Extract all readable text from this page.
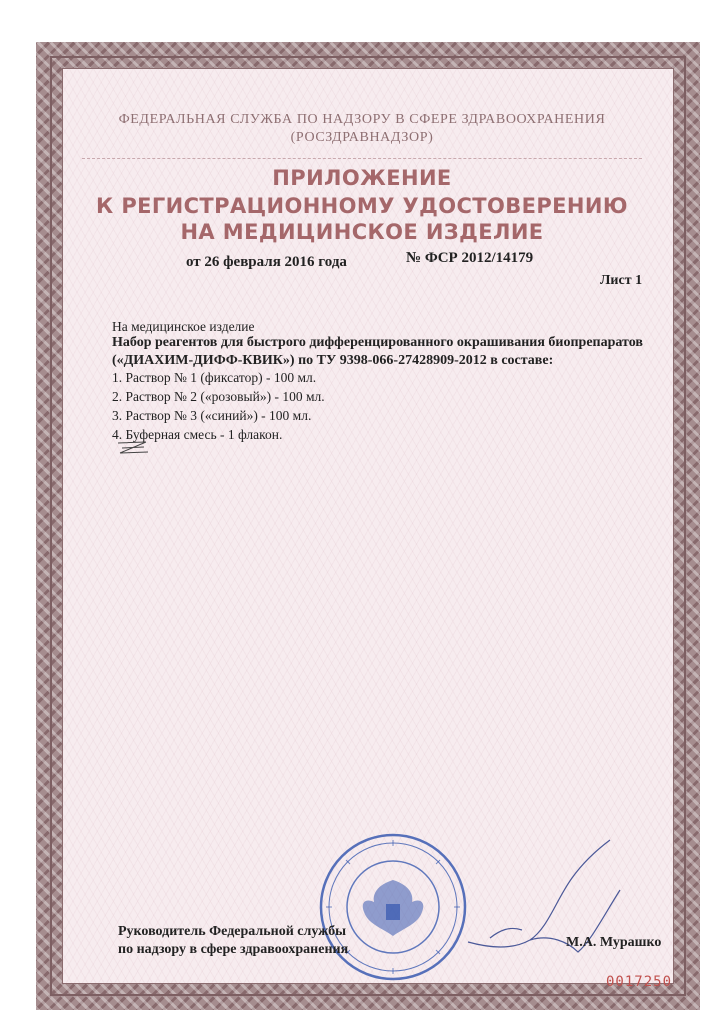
ФЕДЕРАЛЬНАЯ СЛУЖБА ПО НАДЗОРУ В СФЕРЕ ЗДРАВООХРАНЕНИЯ
(РОСЗДРАВНАДЗОР)
ПРИЛОЖЕНИЕ
К РЕГИСТРАЦИОННОМУ УДОСТОВЕРЕНИЮ
НА МЕДИЦИНСКОЕ ИЗДЕЛИЕ
от 26 февраля 2016 года	№ ФСР 2012/14179
Лист 1
На медицинское изделие
Набор реагентов для быстрого дифференцированного окрашивания биопрепаратов («ДИАХИМ-ДИФФ-КВИК») по ТУ 9398-066-27428909-2012 в составе:
1. Раствор № 1 (фиксатор) - 100 мл.
2. Раствор № 2 («розовый») - 100 мл.
3. Раствор № 3 («синий») - 100 мл.
4. Буферная смесь - 1 флакон.
Руководитель Федеральной службы
по надзору в сфере здравоохранения	М.А. Мурашко
0017250
